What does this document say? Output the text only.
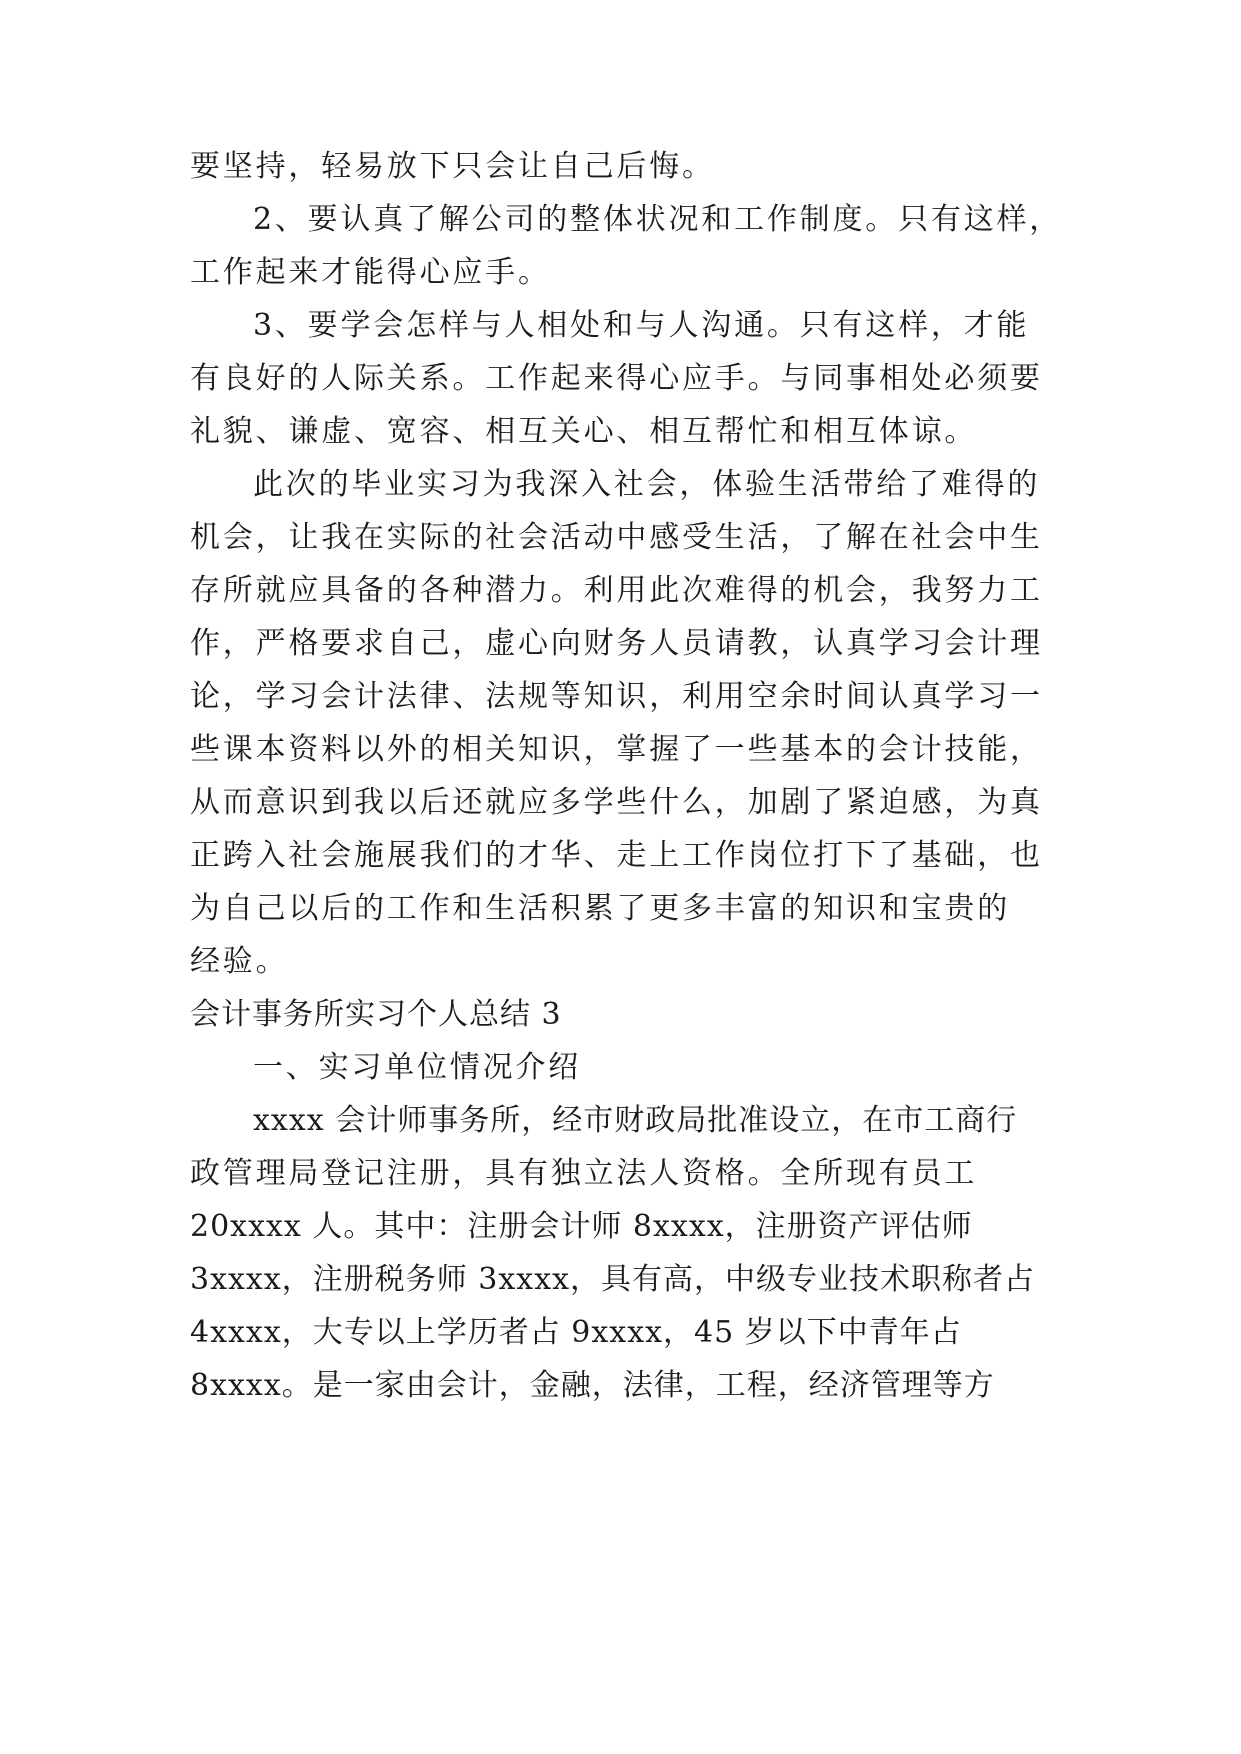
要坚持，轻易放下只会让自己后悔。
2、要认真了解公司的整体状况和工作制度。只有这样，
工作起来才能得心应手。
3、要学会怎样与人相处和与人沟通。只有这样，才能
有良好的人际关系。工作起来得心应手。与同事相处必须要
礼貌、谦虚、宽容、相互关心、相互帮忙和相互体谅。
此次的毕业实习为我深入社会，体验生活带给了难得的
机会，让我在实际的社会活动中感受生活，了解在社会中生
存所就应具备的各种潜力。利用此次难得的机会，我努力工
作，严格要求自己，虚心向财务人员请教，认真学习会计理
论，学习会计法律、法规等知识，利用空余时间认真学习一
些课本资料以外的相关知识，掌握了一些基本的会计技能，
从而意识到我以后还就应多学些什么，加剧了紧迫感，为真
正跨入社会施展我们的才华、走上工作岗位打下了基础，也
为自己以后的工作和生活积累了更多丰富的知识和宝贵的
经验。
会计事务所实习个人总结 3
一、实习单位情况介绍
xxxx 会计师事务所，经市财政局批准设立，在市工商行
政管理局登记注册，具有独立法人资格。全所现有员工
20xxxx 人。其中：注册会计师 8xxxx，注册资产评估师
3xxxx，注册税务师 3xxxx，具有高，中级专业技术职称者占
4xxxx，大专以上学历者占 9xxxx，45 岁以下中青年占
8xxxx。是一家由会计，金融，法律，工程，经济管理等方
